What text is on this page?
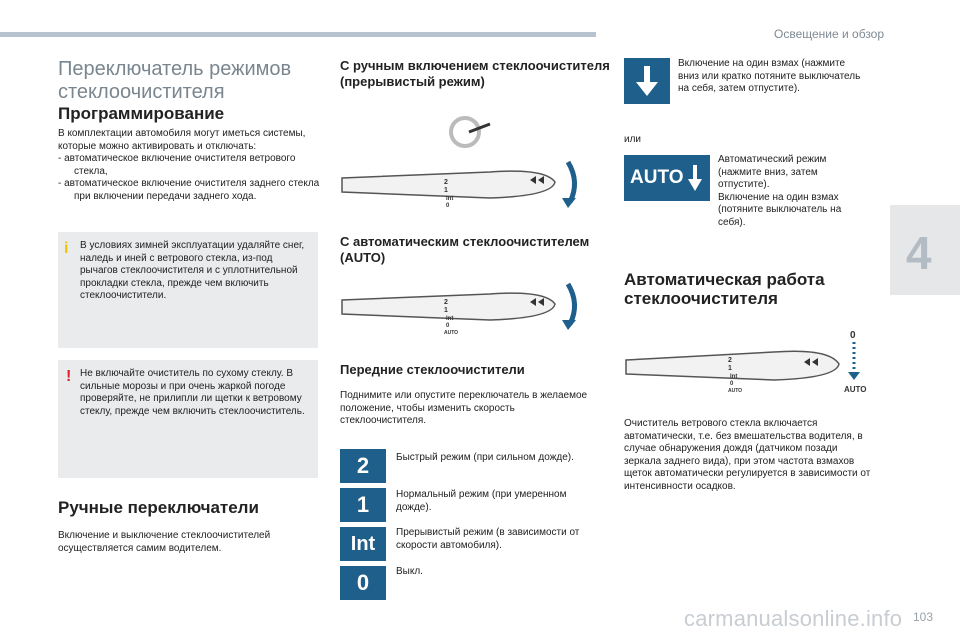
Освещение и обзор
4
carmanualsonline.info 103
Переключатель режимов стеклоочистителя
Программирование
В комплектации автомобиля могут иметься системы, которые можно активировать и отключать:
- автоматическое включение очистителя ветрового стекла,
- автоматическое включение очистителя заднего стекла при включении передачи заднего хода.
i В условиях зимней эксплуатации удаляйте снег, наледь и иней с ветрового стекла, из-под рычагов стеклоочистителя и с уплотнительной прокладки стекла, прежде чем включить стеклоочистители.
! Не включайте очиститель по сухому стеклу. В сильные морозы и при очень жаркой погоде проверяйте, не прилипли ли щетки к ветровому стеклу, прежде чем включить стеклоочиститель.
Ручные переключатели
Включение и выключение стеклоочистителей осуществляется самим водителем.
С ручным включением стеклоочистителя (прерывистый режим)
2
1
Int
0
С автоматическим стеклоочистителем (AUTO)
2
1
Int
0
AUTO
Передние стеклоочистители
Поднимите или опустите переключатель в желаемое положение, чтобы изменить скорость стеклоочистителя.
2	Быстрый режим (при сильном дожде).
1	Нормальный режим (при умеренном дожде).
Int	Прерывистый режим (в зависимости от скорости автомобиля).
0	Выкл.
Включение на один взмах (нажмите вниз или кратко потяните выключатель на себя, затем отпустите).
или
AUTO
Автоматический режим (нажмите вниз, затем отпустите).
Включение на один взмах (потяните выключатель на себя).
Автоматическая работа стеклоочистителя
2
1
Int
0
AUTO
0
AUTO
Очиститель ветрового стекла включается автоматически, т.е. без вмешательства водителя, в случае обнаружения дождя (датчиком позади зеркала заднего вида), при этом частота взмахов щеток автоматически регулируется в зависимости от интенсивности осадков.
